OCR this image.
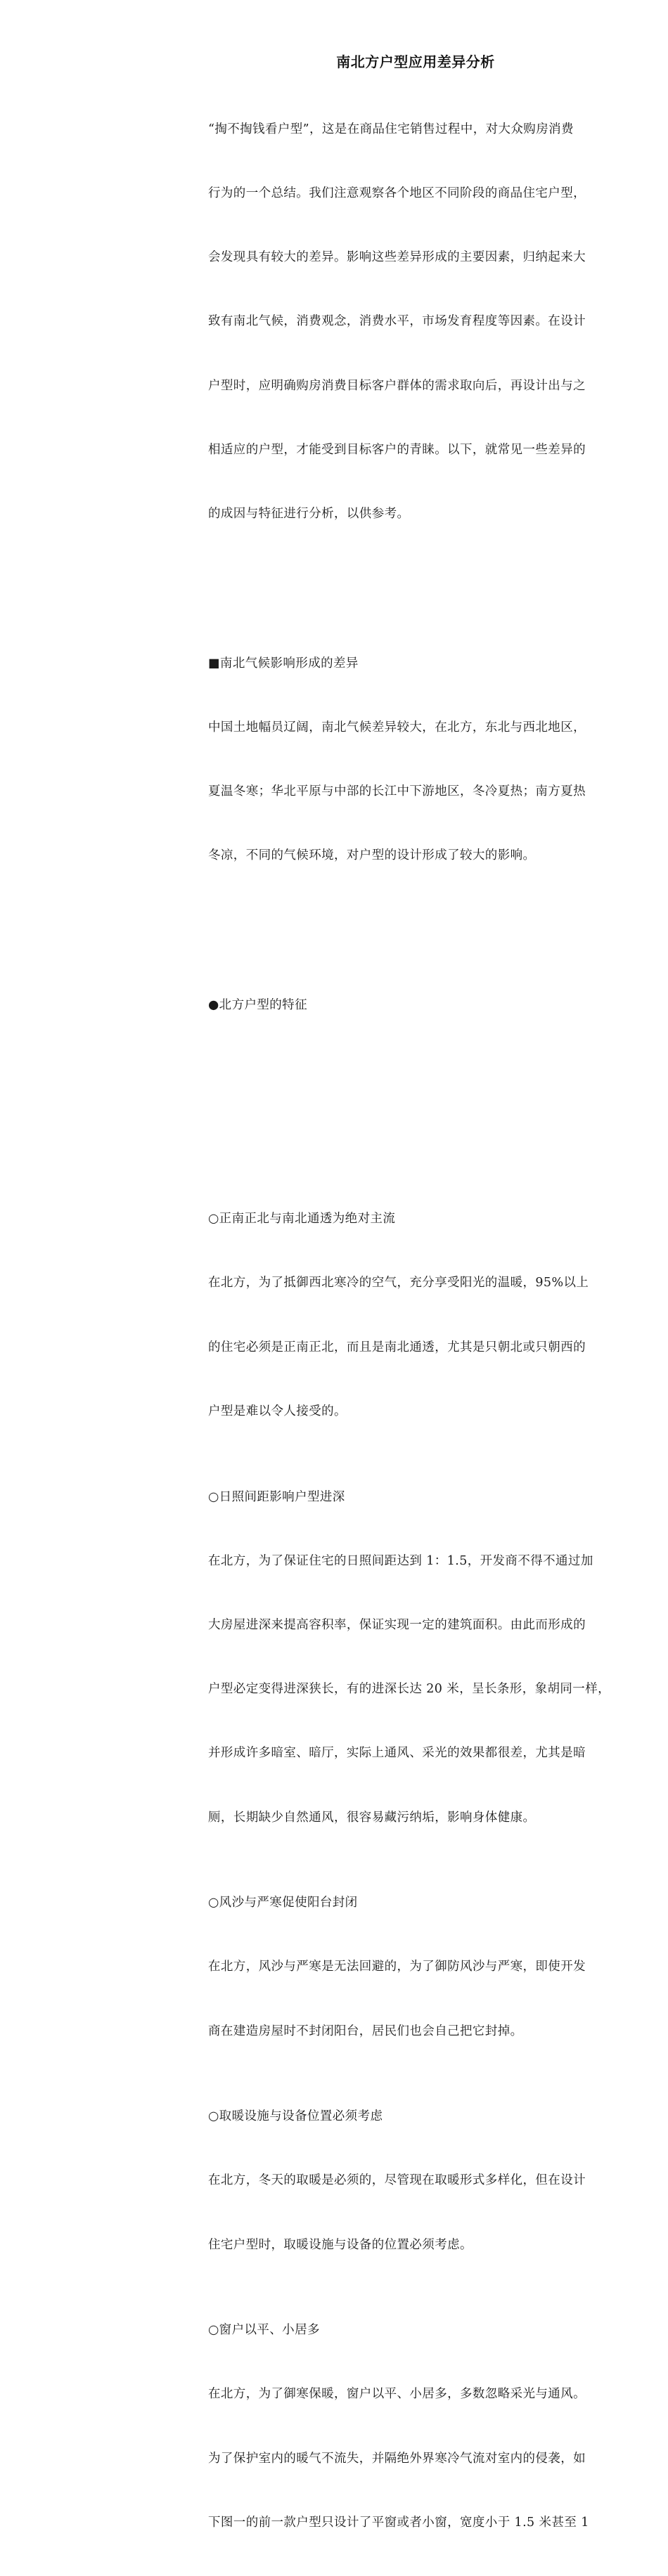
南北方户型应用差异分析

“掏不掏钱看户型”，这是在商品住宅销售过程中，对大众购房消费

行为的一个总结。我们注意观察各个地区不同阶段的商品住宅户型，

会发现具有较大的差异。影响这些差异形成的主要因素，归纳起来大

致有南北气候，消费观念，消费水平，市场发育程度等因素。在设计

户型时，应明确购房消费目标客户群体的需求取向后，再设计出与之

相适应的户型，才能受到目标客户的青睐。以下，就常见一些差异的

的成因与特征进行分析，以供参考。

■南北气候影响形成的差异

中国土地幅员辽阔，南北气候差异较大，在北方，东北与西北地区，

夏温冬寒；华北平原与中部的长江中下游地区，冬冷夏热；南方夏热

冬凉，不同的气候环境，对户型的设计形成了较大的影响。

●北方户型的特征

○正南正北与南北通透为绝对主流

在北方，为了抵御西北寒冷的空气，充分享受阳光的温暖，95%以上

的住宅必须是正南正北，而且是南北通透，尤其是只朝北或只朝西的

户型是难以令人接受的。

○日照间距影响户型进深

在北方，为了保证住宅的日照间距达到 1：1.5，开发商不得不通过加

大房屋进深来提高容积率，保证实现一定的建筑面积。由此而形成的

户型必定变得进深狭长，有的进深长达 20 米，呈长条形，象胡同一样，

并形成许多暗室、暗厅，实际上通风、采光的效果都很差，尤其是暗

厕，长期缺少自然通风，很容易藏污纳垢，影响身体健康。

○风沙与严寒促使阳台封闭

在北方，风沙与严寒是无法回避的，为了御防风沙与严寒，即使开发

商在建造房屋时不封闭阳台，居民们也会自己把它封掉。

○取暖设施与设备位置必须考虑

在北方，冬天的取暖是必须的，尽管现在取暖形式多样化，但在设计

住宅户型时，取暖设施与设备的位置必须考虑。

○窗户以平、小居多

在北方，为了御寒保暖，窗户以平、小居多，多数忽略采光与通风。

为了保护室内的暖气不流失，并隔绝外界寒冷气流对室内的侵袭，如

下图一的前一款户型只设计了平窗或者小窗，宽度小于 1.5 米甚至 1
